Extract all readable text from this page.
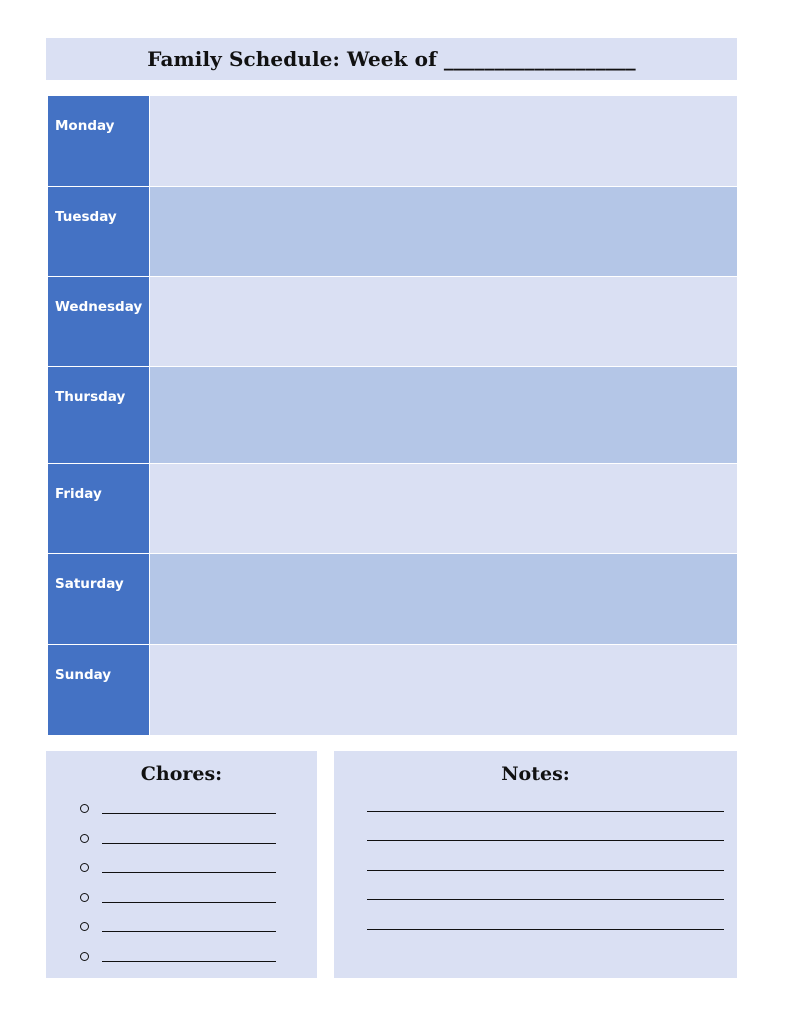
Family Schedule: Week of ___________________
Monday
Tuesday
Wednesday
Thursday
Friday
Saturday
Sunday
Chores:	Notes:
